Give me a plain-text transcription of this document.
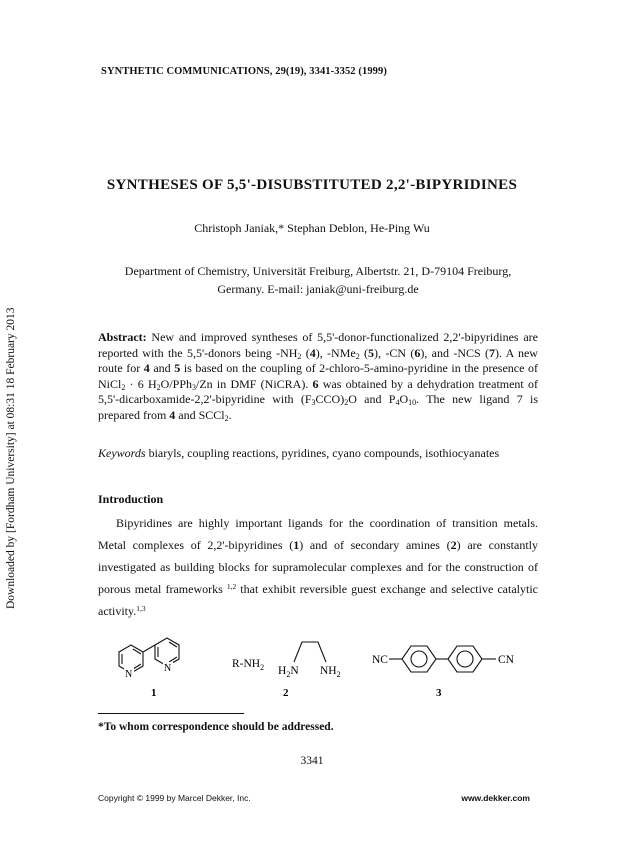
Downloaded by [Fordham University] at 08:31 18 February 2013
SYNTHETIC COMMUNICATIONS, 29(19), 3341-3352 (1999)
SYNTHESES OF 5,5'-DISUBSTITUTED 2,2'-BIPYRIDINES
Christoph Janiak,* Stephan Deblon, He-Ping Wu
Department of Chemistry, Universität Freiburg, Albertstr. 21, D-79104 Freiburg,
Germany. E-mail: janiak@uni-freiburg.de

Abstract: New and improved syntheses of 5,5'-donor-functionalized 2,2'-bipyridines are reported with the 5,5'-donors being $-NH_2$ (4), -NMe$_2$ (5), -CN (6), and -NCS (7). A new route for 4 and 5 is based on the coupling of 2-chloro-5-amino-pyridine in the presence of NiCl$_2$ · 6 $H_2O/PPh_3/Zn$ in DMF (NiCRA). 6 was obtained by a dehydration treatment of 5,5'-dicarboxamide-2,2'-bipyridine with $(F_3CCO)_2O$ and $P_4O_{10}$. The new ligand 7 is prepared from 4 and SCCl$_2$.

Keywords biaryls, coupling reactions, pyridines, cyano compounds, isothiocyanates
Introduction

Bipyridines are highly important ligands for the coordination of transition metals. Metal complexes of 2,2'-bipyridines (1) and of secondary amines (2) are constantly investigated as building blocks for supramolecular complexes and for the construction of porous metal frameworks $^{1,2}$ that exhibit reversible guest exchange and selective catalytic activity.$^{1,3}$

N
N
1
$R-NH_2$ $H_2N$ $NH_2$
2
NC	CN
3
*To whom correspondence should be addressed.
3341
Copyright © 1999 by Marcel Dekker, Inc.	www.dekker.com
